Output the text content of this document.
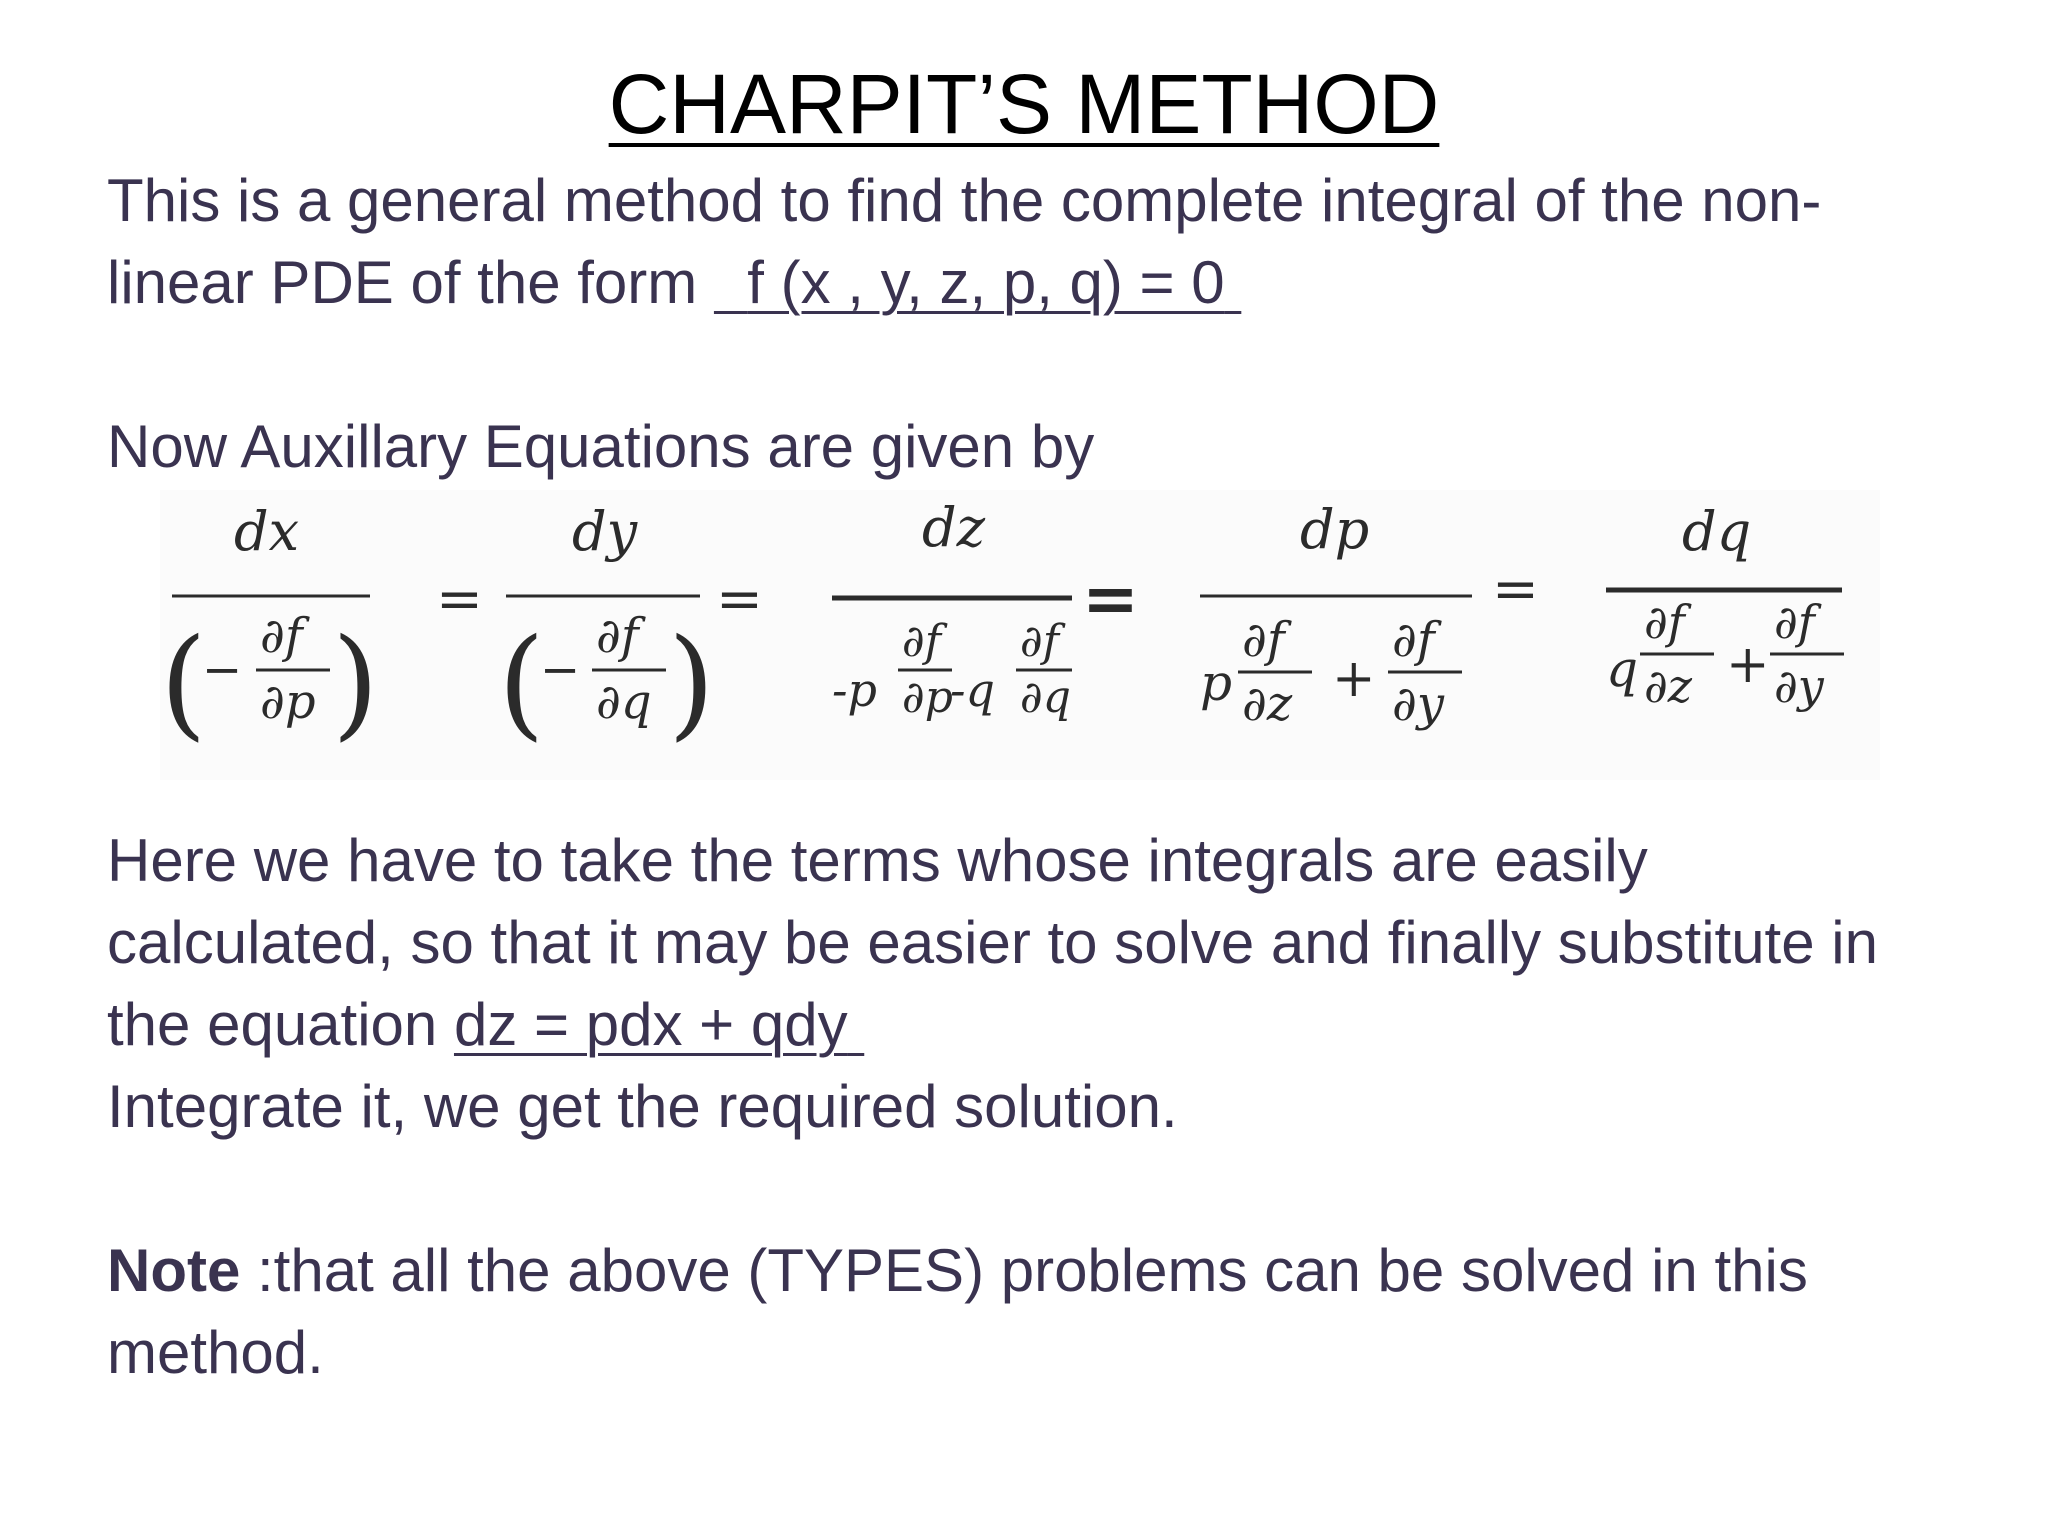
CHARPIT’S METHOD
This is a general method to find the complete integral of the non-
linear PDE of the form f (x , y, z, p, q) = 0
Now Auxillary Equations are given by
dx
(
−
∂f
∂p )
=
dy
(
−
∂f
∂q )
=
dz
-p
∂f
∂p
-q
∂f
∂q
=
dp
p
∂f
∂z +
∂f
∂y
=
dq
q
∂f
∂z +
∂f
∂y
Here we have to take the terms whose integrals are easily
calculated, so that it may be easier to solve and finally substitute in
the equation dz = pdx + qdy
Integrate it, we get the required solution.
Note :that all the above (TYPES) problems can be solved in this
method.
